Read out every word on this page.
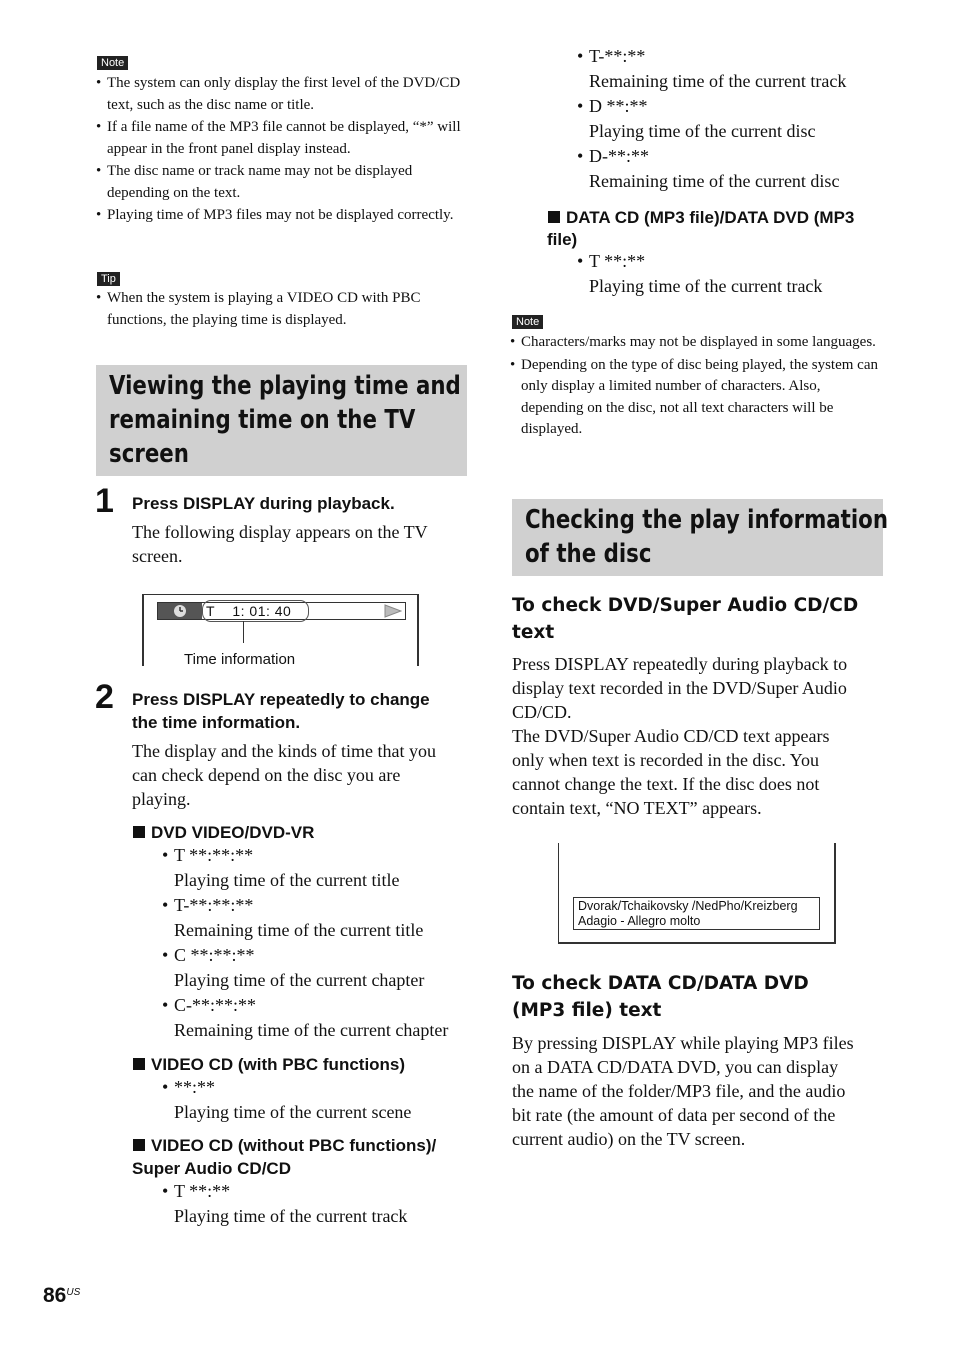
Note
• The system can only display the first level of the DVD/CD text, such as the disc name or title.
• If a file name of the MP3 file cannot be displayed, “*” will appear in the front panel display instead.
• The disc name or track name may not be displayed depending on the text.
• Playing time of MP3 files may not be displayed correctly.
Tip
• When the system is playing a VIDEO CD with PBC functions, the playing time is displayed.
Viewing the playing time and
remaining time on the TV
screen
1 Press DISPLAY during playback.
The following display appears on the TV
screen.
T    1: 01: 40
Time information
2 Press DISPLAY repeatedly to change
the time information.
The display and the kinds of time that you
can check depend on the disc you are
playing.
DVD VIDEO/DVD-VR
• T **:**:**
Playing time of the current title
• T-**:**:**
Remaining time of the current title
• C **:**:**
Playing time of the current chapter
• C-**:**:**
Remaining time of the current chapter
VIDEO CD (with PBC functions)
• **:**
Playing time of the current scene
VIDEO CD (without PBC functions)/
Super Audio CD/CD
• T **:**
Playing time of the current track
• T-**:**
Remaining time of the current track
• D **:**
Playing time of the current disc
• D-**:**
Remaining time of the current disc
DATA CD (MP3 file)/DATA DVD (MP3
file)
• T **:**
Playing time of the current track
Note
• Characters/marks may not be displayed in some languages.
• Depending on the type of disc being played, the system can only display a limited number of characters. Also, depending on the disc, not all text characters will be displayed.
Checking the play information
of the disc
To check DVD/Super Audio CD/CD
text
Press DISPLAY repeatedly during playback to
display text recorded in the DVD/Super Audio
CD/CD.
The DVD/Super Audio CD/CD text appears
only when text is recorded in the disc. You
cannot change the text. If the disc does not
contain text, “NO TEXT” appears.
Dvorak/Tchaikovsky /NedPho/Kreizberg
Adagio - Allegro molto
To check DATA CD/DATA DVD
(MP3 file) text
By pressing DISPLAY while playing MP3 files
on a DATA CD/DATA DVD, you can display
the name of the folder/MP3 file, and the audio
bit rate (the amount of data per second of the
current audio) on the TV screen.
$86^{US}$
